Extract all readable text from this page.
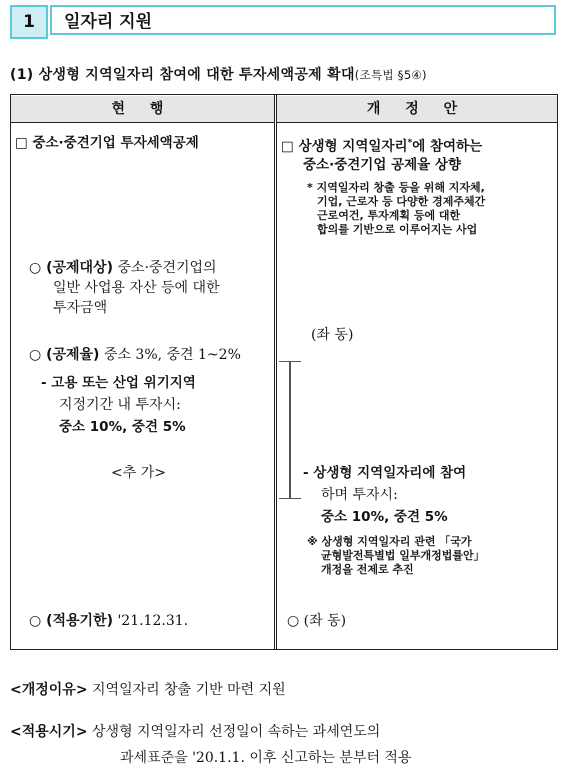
1	일자리 지원
(1) 상생형 지역일자리 참여에 대한 투자세액공제 확대(조특법 §5④)
현 행	개 정 안
□ 중소·중견기업 투자세액공제
○ (공제대상) 중소·중견기업의
일반 사업용 자산 등에 대한
투자금액
○ (공제율) 중소 3%, 중견 1~2%
- 고용 또는 산업 위기지역
지정기간 내 투자시:
중소 10%, 중견 5%
<추 가>
○ (적용기한) '21.12.31.
□ 상생형 지역일자리*에 참여하는
중소·중견기업 공제율 상향
* 지역일자리 창출 등을 위해 지자체,
기업, 근로자 등 다양한 경제주체간
근로여건, 투자계획 등에 대한
합의를 기반으로 이루어지는 사업
(좌 동)
- 상생형 지역일자리에 참여
하며 투자시:
중소 10%, 중견 5%
※ 상생형 지역일자리 관련 「국가
균형발전특별법 일부개정법률안」
개정을 전제로 추진
○ (좌 동)
<개정이유> 지역일자리 창출 기반 마련 지원
<적용시기> 상생형 지역일자리 선정일이 속하는 과세연도의
과세표준을 '20.1.1. 이후 신고하는 분부터 적용
